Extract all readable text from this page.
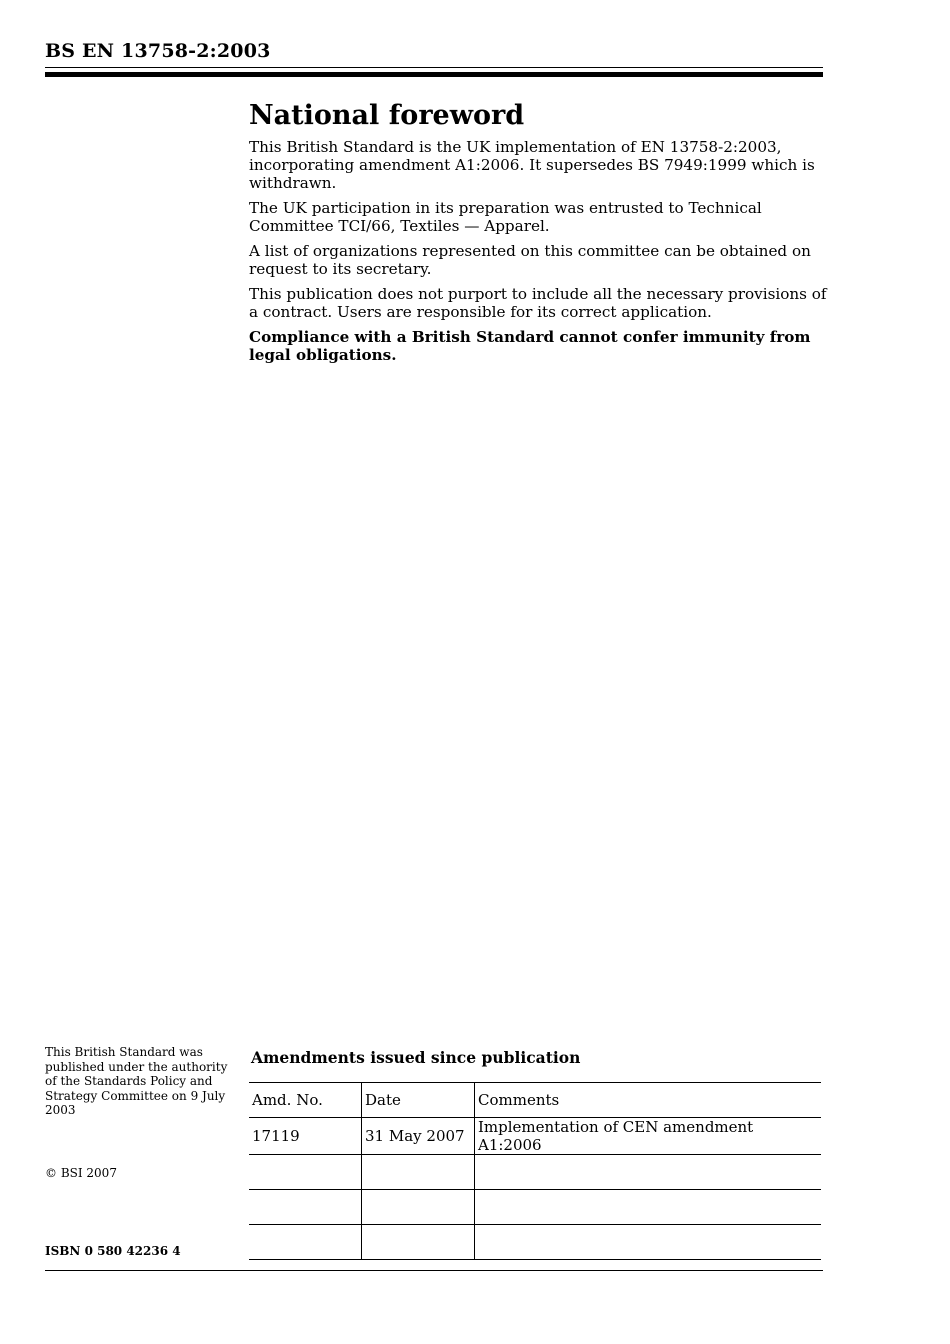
BS EN 13758-2:2003
National foreword

This British Standard is the UK implementation of EN 13758-2:2003, incorporating amendment A1:2006. It supersedes BS 7949:1999 which is withdrawn.

The UK participation in its preparation was entrusted to Technical Committee TCI/66, Textiles — Apparel.

A list of organizations represented on this committee can be obtained on request to its secretary.

This publication does not purport to include all the necessary provisions of a contract. Users are responsible for its correct application.

Compliance with a British Standard cannot confer immunity from legal obligations.

This British Standard was published under the authority of the Standards Policy and Strategy Committee on 9 July 2003
© BSI 2007
ISBN 0 580 42236 4
Amendments issued since publication
Amd. No.	Date	Comments
17119	31 May 2007	Implementation of CEN amendment A1:2006
